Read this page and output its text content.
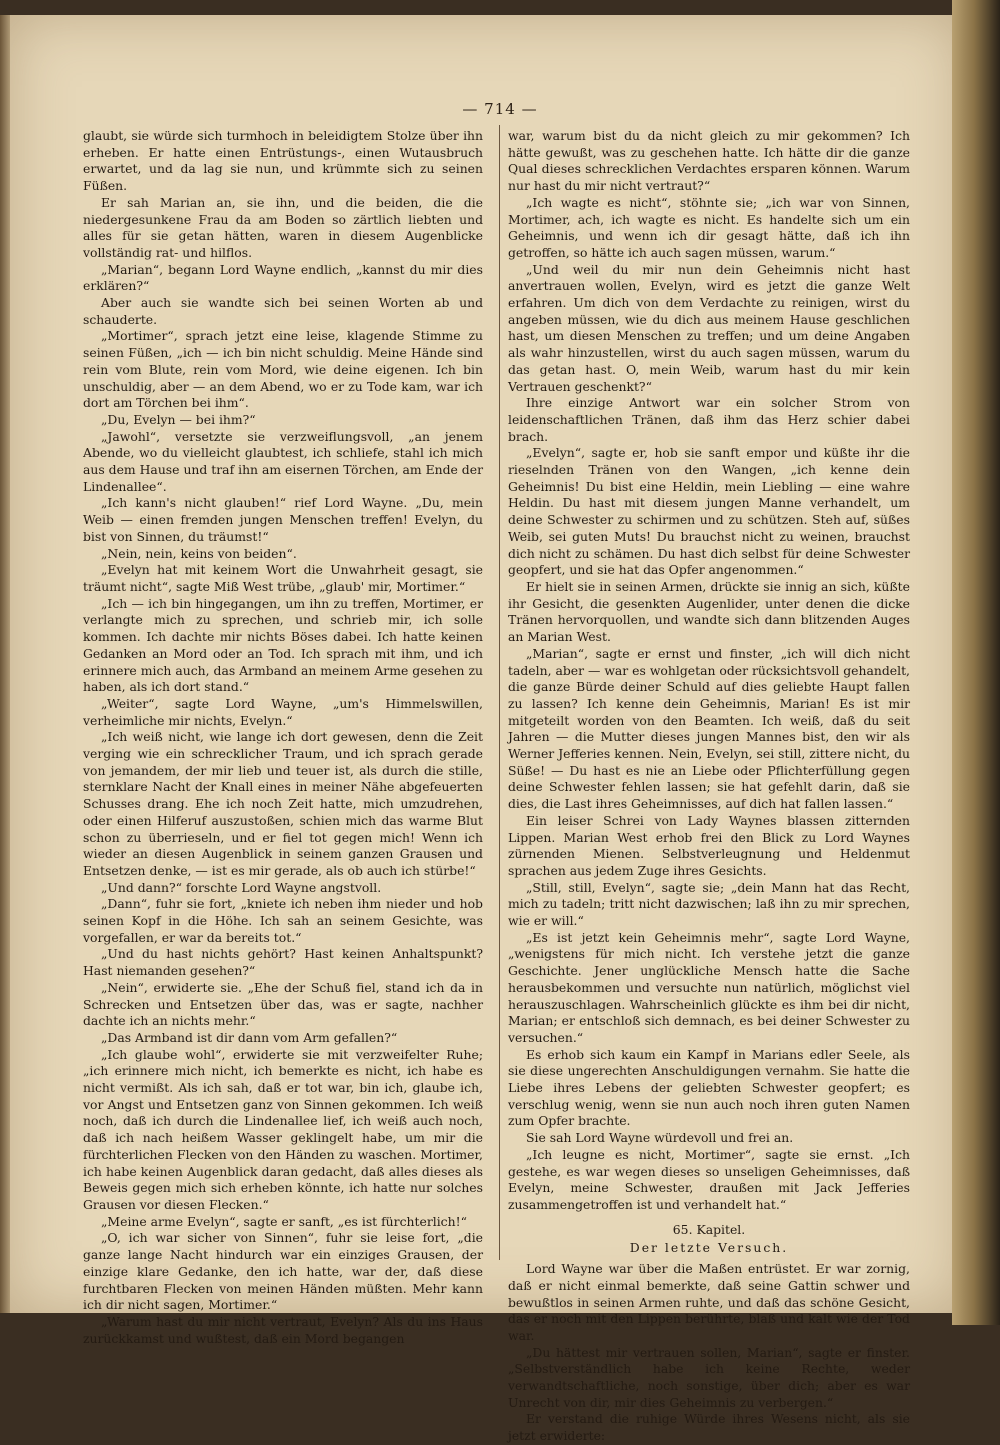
— 714 —

glaubt, sie würde sich turmhoch in beleidigtem Stolze über ihn erheben. Er hatte einen Entrüstungs-, einen Wutausbruch erwartet, und da lag sie nun, und krümmte sich zu seinen Füßen.

Er sah Marian an, sie ihn, und die beiden, die die niedergesunkene Frau da am Boden so zärtlich liebten und alles für sie getan hätten, waren in diesem Augenblicke vollständig rat- und hilflos.

„Marian“, begann Lord Wayne endlich, „kannst du mir dies erklären?“

Aber auch sie wandte sich bei seinen Worten ab und schauderte.

„Mortimer“, sprach jetzt eine leise, klagende Stimme zu seinen Füßen, „ich — ich bin nicht schuldig. Meine Hände sind rein vom Blute, rein vom Mord, wie deine eigenen. Ich bin unschuldig, aber — an dem Abend, wo er zu Tode kam, war ich dort am Törchen bei ihm“.

„Du, Evelyn — bei ihm?“

„Jawohl“, versetzte sie verzweiflungsvoll, „an jenem Abende, wo du vielleicht glaubtest, ich schliefe, stahl ich mich aus dem Hause und traf ihn am eisernen Törchen, am Ende der Lindenallee“.

„Ich kann's nicht glauben!“ rief Lord Wayne. „Du, mein Weib — einen fremden jungen Menschen treffen! Evelyn, du bist von Sinnen, du träumst!“

„Nein, nein, keins von beiden“.

„Evelyn hat mit keinem Wort die Unwahrheit gesagt, sie träumt nicht“, sagte Miß West trübe, „glaub' mir, Mortimer.“

„Ich — ich bin hingegangen, um ihn zu treffen, Mortimer, er verlangte mich zu sprechen, und schrieb mir, ich solle kommen. Ich dachte mir nichts Böses dabei. Ich hatte keinen Gedanken an Mord oder an Tod. Ich sprach mit ihm, und ich erinnere mich auch, das Armband an meinem Arme gesehen zu haben, als ich dort stand.“

„Weiter“, sagte Lord Wayne, „um's Himmelswillen, verheimliche mir nichts, Evelyn.“

„Ich weiß nicht, wie lange ich dort gewesen, denn die Zeit verging wie ein schrecklicher Traum, und ich sprach gerade von jemandem, der mir lieb und teuer ist, als durch die stille, sternklare Nacht der Knall eines in meiner Nähe abgefeuerten Schusses drang. Ehe ich noch Zeit hatte, mich umzudrehen, oder einen Hilferuf auszustoßen, schien mich das warme Blut schon zu überrieseln, und er fiel tot gegen mich! Wenn ich wieder an diesen Augenblick in seinem ganzen Grausen und Entsetzen denke, — ist es mir gerade, als ob auch ich stürbe!“

„Und dann?“ forschte Lord Wayne angstvoll.

„Dann“, fuhr sie fort, „kniete ich neben ihm nieder und hob seinen Kopf in die Höhe. Ich sah an seinem Gesichte, was vorgefallen, er war da bereits tot.“

„Und du hast nichts gehört? Hast keinen Anhaltspunkt? Hast niemanden gesehen?“

„Nein“, erwiderte sie. „Ehe der Schuß fiel, stand ich da in Schrecken und Entsetzen über das, was er sagte, nachher dachte ich an nichts mehr.“

„Das Armband ist dir dann vom Arm gefallen?“

„Ich glaube wohl“, erwiderte sie mit verzweifelter Ruhe; „ich erinnere mich nicht, ich bemerkte es nicht, ich habe es nicht vermißt. Als ich sah, daß er tot war, bin ich, glaube ich, vor Angst und Entsetzen ganz von Sinnen gekommen. Ich weiß noch, daß ich durch die Lindenallee lief, ich weiß auch noch, daß ich nach heißem Wasser geklingelt habe, um mir die fürchterlichen Flecken von den Händen zu waschen. Mortimer, ich habe keinen Augenblick daran gedacht, daß alles dieses als Beweis gegen mich sich erheben könnte, ich hatte nur solches Grausen vor diesen Flecken.“

„Meine arme Evelyn“, sagte er sanft, „es ist fürchterlich!“

„O, ich war sicher von Sinnen“, fuhr sie leise fort, „die ganze lange Nacht hindurch war ein einziges Grausen, der einzige klare Gedanke, den ich hatte, war der, daß diese furchtbaren Flecken von meinen Händen müßten. Mehr kann ich dir nicht sagen, Mortimer.“

„Warum hast du mir nicht vertraut, Evelyn? Als du ins Haus zurückkamst und wußtest, daß ein Mord begangen

war, warum bist du da nicht gleich zu mir gekommen? Ich hätte gewußt, was zu geschehen hatte. Ich hätte dir die ganze Qual dieses schrecklichen Verdachtes ersparen können. Warum nur hast du mir nicht vertraut?“

„Ich wagte es nicht“, stöhnte sie; „ich war von Sinnen, Mortimer, ach, ich wagte es nicht. Es handelte sich um ein Geheimnis, und wenn ich dir gesagt hätte, daß ich ihn getroffen, so hätte ich auch sagen müssen, warum.“

„Und weil du mir nun dein Geheimnis nicht hast anvertrauen wollen, Evelyn, wird es jetzt die ganze Welt erfahren. Um dich von dem Verdachte zu reinigen, wirst du angeben müssen, wie du dich aus meinem Hause geschlichen hast, um diesen Menschen zu treffen; und um deine Angaben als wahr hinzustellen, wirst du auch sagen müssen, warum du das getan hast. O, mein Weib, warum hast du mir kein Vertrauen geschenkt?“

Ihre einzige Antwort war ein solcher Strom von leidenschaftlichen Tränen, daß ihm das Herz schier dabei brach.

„Evelyn“, sagte er, hob sie sanft empor und küßte ihr die rieselnden Tränen von den Wangen, „ich kenne dein Geheimnis! Du bist eine Heldin, mein Liebling — eine wahre Heldin. Du hast mit diesem jungen Manne verhandelt, um deine Schwester zu schirmen und zu schützen. Steh auf, süßes Weib, sei guten Muts! Du brauchst nicht zu weinen, brauchst dich nicht zu schämen. Du hast dich selbst für deine Schwester geopfert, und sie hat das Opfer angenommen.“

Er hielt sie in seinen Armen, drückte sie innig an sich, küßte ihr Gesicht, die gesenkten Augenlider, unter denen die dicke Tränen hervorquollen, und wandte sich dann blitzenden Auges an Marian West.

„Marian“, sagte er ernst und finster, „ich will dich nicht tadeln, aber — war es wohlgetan oder rücksichtsvoll gehandelt, die ganze Bürde deiner Schuld auf dies geliebte Haupt fallen zu lassen? Ich kenne dein Geheimnis, Marian! Es ist mir mitgeteilt worden von den Beamten. Ich weiß, daß du seit Jahren — die Mutter dieses jungen Mannes bist, den wir als Werner Jefferies kennen. Nein, Evelyn, sei still, zittere nicht, du Süße! — Du hast es nie an Liebe oder Pflichterfüllung gegen deine Schwester fehlen lassen; sie hat gefehlt darin, daß sie dies, die Last ihres Geheimnisses, auf dich hat fallen lassen.“

Ein leiser Schrei von Lady Waynes blassen zitternden Lippen. Marian West erhob frei den Blick zu Lord Waynes zürnenden Mienen. Selbstverleugnung und Heldenmut sprachen aus jedem Zuge ihres Gesichts.

„Still, still, Evelyn“, sagte sie; „dein Mann hat das Recht, mich zu tadeln; tritt nicht dazwischen; laß ihn zu mir sprechen, wie er will.“

„Es ist jetzt kein Geheimnis mehr“, sagte Lord Wayne, „wenigstens für mich nicht. Ich verstehe jetzt die ganze Geschichte. Jener unglückliche Mensch hatte die Sache herausbekommen und versuchte nun natürlich, möglichst viel herauszuschlagen. Wahrscheinlich glückte es ihm bei dir nicht, Marian; er entschloß sich demnach, es bei deiner Schwester zu versuchen.“

Es erhob sich kaum ein Kampf in Marians edler Seele, als sie diese ungerechten Anschuldigungen vernahm. Sie hatte die Liebe ihres Lebens der geliebten Schwester geopfert; es verschlug wenig, wenn sie nun auch noch ihren guten Namen zum Opfer brachte.

Sie sah Lord Wayne würdevoll und frei an.

„Ich leugne es nicht, Mortimer“, sagte sie ernst. „Ich gestehe, es war wegen dieses so unseligen Geheimnisses, daß Evelyn, meine Schwester, draußen mit Jack Jefferies zusammengetroffen ist und verhandelt hat.“

65. Kapitel.
Der letzte Versuch.

Lord Wayne war über die Maßen entrüstet. Er war zornig, daß er nicht einmal bemerkte, daß seine Gattin schwer und bewußtlos in seinen Armen ruhte, und daß das schöne Gesicht, das er noch mit den Lippen berührte, blaß und kalt wie der Tod war.

„Du hättest mir vertrauen sollen, Marian“, sagte er finster. „Selbstverständlich habe ich keine Rechte, weder verwandtschaftliche, noch sonstige, über dich; aber es war Unrecht von dir, mir dies Geheimnis zu verbergen.“

Er verstand die ruhige Würde ihres Wesens nicht, als sie jetzt erwiderte:
